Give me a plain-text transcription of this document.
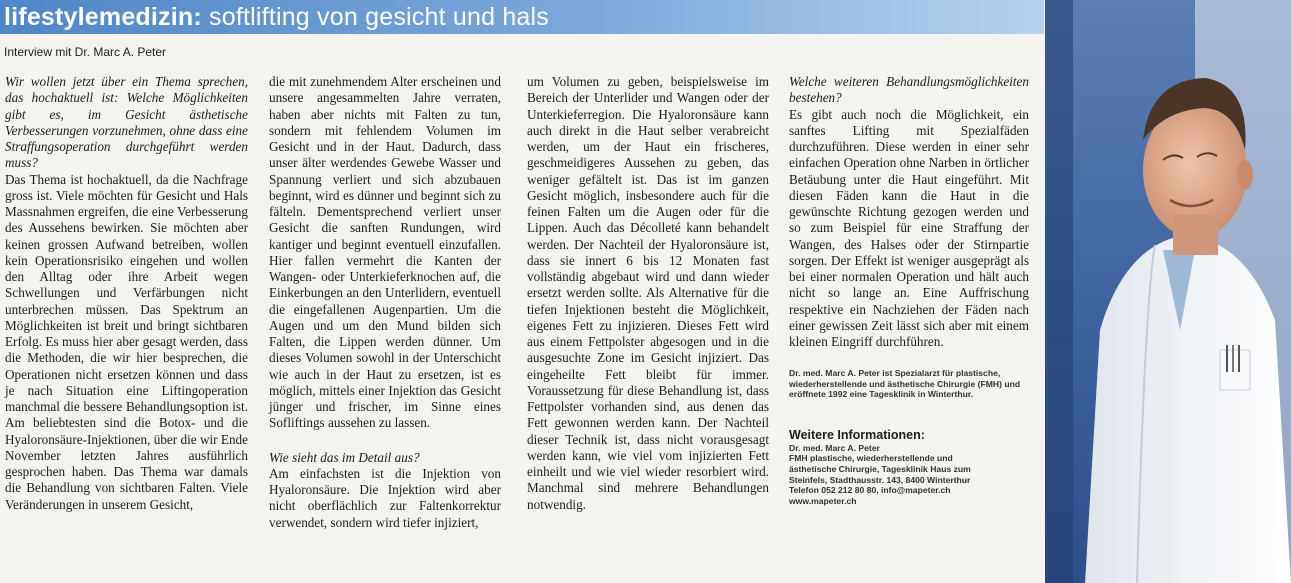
lifestylemedizin: softlifting von gesicht und hals
Interview mit Dr. Marc A. Peter

Wir wollen jetzt über ein Thema sprechen, das hochaktuell ist: Welche Möglichkeiten gibt es, im Gesicht ästhetische Verbesserungen vorzunehmen, ohne dass eine Straffungsoperation durchgeführt werden muss?

Das Thema ist hochaktuell, da die Nachfrage gross ist. Viele möchten für Gesicht und Hals Massnahmen ergreifen, die eine Verbesserung des Aussehens bewirken. Sie möchten aber keinen grossen Aufwand betreiben, wollen kein Operationsrisiko eingehen und wollen den Alltag oder ihre Arbeit wegen Schwellungen und Verfärbungen nicht unterbrechen müssen. Das Spektrum an Möglichkeiten ist breit und bringt sichtbaren Erfolg. Es muss hier aber gesagt werden, dass die Methoden, die wir hier besprechen, die Operationen nicht ersetzen können und dass je nach Situation eine Liftingoperation manchmal die bessere Behandlungsoption ist. Am beliebtesten sind die Botox- und die Hyaloronsäure-Injektionen, über die wir Ende November letzten Jahres ausführlich gesprochen haben. Das Thema war damals die Behandlung von sichtbaren Falten. Viele Veränderungen in unserem Gesicht,

die mit zunehmendem Alter erscheinen und unsere angesammelten Jahre verraten, haben aber nichts mit Falten zu tun, sondern mit fehlendem Volumen im Gesicht und in der Haut. Dadurch, dass unser älter werdendes Gewebe Wasser und Spannung verliert und sich abzubauen beginnt, wird es dünner und beginnt sich zu fälteln. Dementsprechend verliert unser Gesicht die sanften Rundungen, wird kantiger und beginnt eventuell einzufallen. Hier fallen vermehrt die Kanten der Wangen- oder Unterkieferknochen auf, die Einkerbungen an den Unterlidern, eventuell die eingefallenen Augenpartien. Um die Augen und um den Mund bilden sich Falten, die Lippen werden dünner. Um dieses Volumen sowohl in der Unterschicht wie auch in der Haut zu ersetzen, ist es möglich, mittels einer Injektion das Gesicht jünger und frischer, im Sinne eines Sofliftings aussehen zu lassen.

Wie sieht das im Detail aus?

Am einfachsten ist die Injektion von Hyaloronsäure. Die Injektion wird aber nicht oberflächlich zur Faltenkorrektur verwendet, sondern wird tiefer injiziert,

um Volumen zu geben, beispielsweise im Bereich der Unterlider und Wangen oder der Unterkieferregion. Die Hyaloronsäure kann auch direkt in die Haut selber verabreicht werden, um der Haut ein frischeres, geschmeidigeres Aussehen zu geben, das weniger gefältelt ist. Das ist im ganzen Gesicht möglich, insbesondere auch für die feinen Falten um die Augen oder für die Lippen. Auch das Décolleté kann behandelt werden. Der Nachteil der Hyaloronsäure ist, dass sie innert 6 bis 12 Monaten fast vollständig abgebaut wird und dann wieder ersetzt werden sollte. Als Alternative für die tiefen Injektionen besteht die Möglichkeit, eigenes Fett zu injizieren. Dieses Fett wird aus einem Fettpolster abgesogen und in die ausgesuchte Zone im Gesicht injiziert. Das eingeheilte Fett bleibt für immer. Voraussetzung für diese Behandlung ist, dass Fettpolster vorhanden sind, aus denen das Fett gewonnen werden kann. Der Nachteil dieser Technik ist, dass nicht vorausgesagt werden kann, wie viel vom injizierten Fett einheilt und wie viel wieder resorbiert wird. Manchmal sind mehrere Behandlungen notwendig.

Welche weiteren Behandlungsmöglichkeiten bestehen?

Es gibt auch noch die Möglichkeit, ein sanftes Lifting mit Spezialfäden durchzuführen. Diese werden in einer sehr einfachen Operation ohne Narben in örtlicher Betäubung unter die Haut eingeführt. Mit diesen Fäden kann die Haut in die gewünschte Richtung gezogen werden und so zum Beispiel für eine Straffung der Wangen, des Halses oder der Stirnpartie sorgen. Der Effekt ist weniger ausgeprägt als bei einer normalen Operation und hält auch nicht so lange an. Eine Auffrischung respektive ein Nachziehen der Fäden nach einer gewissen Zeit lässt sich aber mit einem kleinen Eingriff durchführen.

Dr. med. Marc A. Peter ist Spezialarzt für plastische, wiederherstellende und ästhetische Chirurgie (FMH) und eröffnete 1992 eine Tagesklinik in Winterthur.

Weitere Informationen:

Dr. med. Marc A. Peter
FMH plastische, wiederherstellende und
ästhetische Chirurgie, Tagesklinik Haus zum
Steinfels, Stadthausstr. 143, 8400 Winterthur
Telefon 052 212 80 80, info@mapeter.ch
www.mapeter.ch
